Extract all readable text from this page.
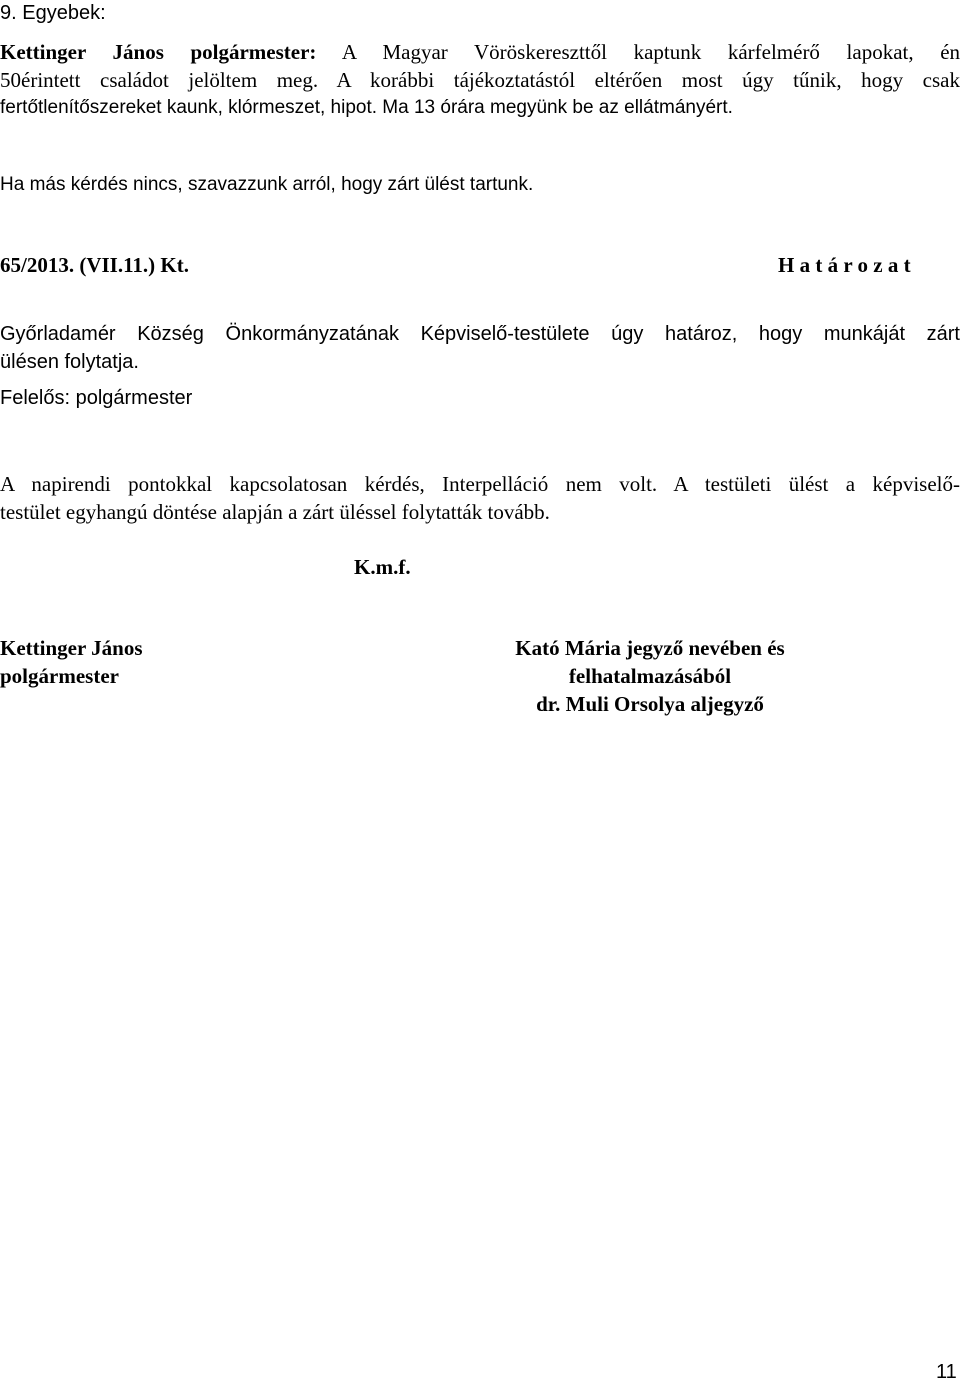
9. Egyebek:
Kettinger János polgármester: A Magyar Vöröskereszttől kaptunk kárfelmérő lapokat, én
50érintett családot jelöltem meg. A korábbi tájékoztatástól eltérően most úgy tűnik, hogy csak
fertőtlenítőszereket kaunk, klórmeszet, hipot. Ma 13 órára megyünk be az ellátmányért.
Ha más kérdés nincs, szavazzunk arról, hogy zárt ülést tartunk.
65/2013. (VII.11.) Kt.	H a t á r o z a t
Győrladamér Község Önkormányzatának Képviselő-testülete úgy határoz, hogy munkáját zárt
ülésen folytatja.
Felelős: polgármester
A napirendi pontokkal kapcsolatosan kérdés, Interpelláció nem volt. A testületi ülést a képviselő-
testület egyhangú döntése alapján a zárt üléssel folytatták tovább.
K.m.f.
Kettinger János
polgármester
Kató Mária jegyző nevében és
felhatalmazásából
dr. Muli Orsolya aljegyző
11
